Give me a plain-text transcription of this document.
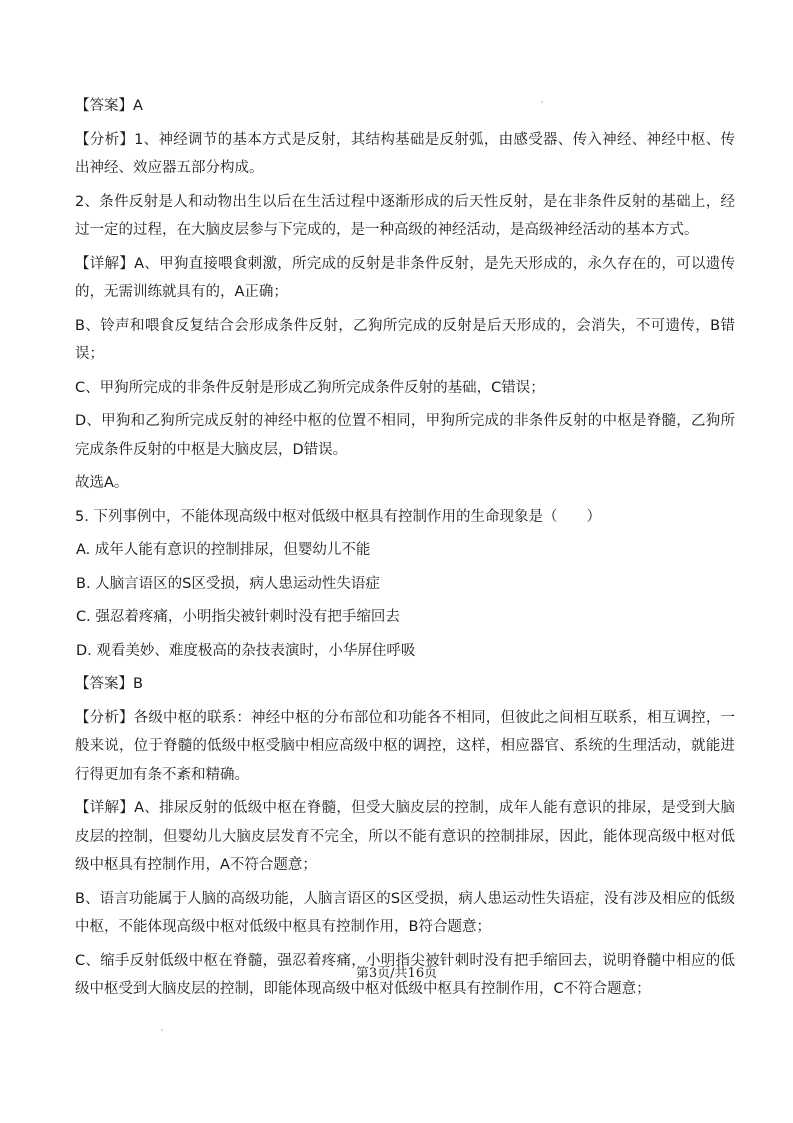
【答案】A

【分析】1、神经调节的基本方式是反射，其结构基础是反射弧，由感受器、传入神经、神经中枢、传出神经、效应器五部分构成。

2、条件反射是人和动物出生以后在生活过程中逐渐形成的后天性反射，是在非条件反射的基础上，经过一定的过程，在大脑皮层参与下完成的，是一种高级的神经活动，是高级神经活动的基本方式。

【详解】A、甲狗直接喂食刺激，所完成的反射是非条件反射，是先天形成的，永久存在的，可以遗传的，无需训练就具有的，A正确；

B、铃声和喂食反复结合会形成条件反射，乙狗所完成的反射是后天形成的，会消失，不可遗传，B错误；

C、甲狗所完成的非条件反射是形成乙狗所完成条件反射的基础，C错误；

D、甲狗和乙狗所完成反射的神经中枢的位置不相同，甲狗所完成的非条件反射的中枢是脊髓，乙狗所完成条件反射的中枢是大脑皮层，D错误。

故选A。

5. 下列事例中，不能体现高级中枢对低级中枢具有控制作用的生命现象是（　　）

A. 成年人能有意识的控制排尿，但婴幼儿不能

B. 人脑言语区的S区受损，病人患运动性失语症

C. 强忍着疼痛，小明指尖被针刺时没有把手缩回去

D. 观看美妙、难度极高的杂技表演时，小华屏住呼吸

【答案】B

【分析】各级中枢的联系：神经中枢的分布部位和功能各不相同，但彼此之间相互联系，相互调控，一般来说，位于脊髓的低级中枢受脑中相应高级中枢的调控，这样，相应器官、系统的生理活动，就能进行得更加有条不紊和精确。

【详解】A、排尿反射的低级中枢在脊髓，但受大脑皮层的控制，成年人能有意识的排尿，是受到大脑皮层的控制，但婴幼儿大脑皮层发育不完全，所以不能有意识的控制排尿，因此，能体现高级中枢对低级中枢具有控制作用，A不符合题意；

B、语言功能属于人脑的高级功能，人脑言语区的S区受损，病人患运动性失语症，没有涉及相应的低级中枢，不能体现高级中枢对低级中枢具有控制作用，B符合题意；

C、缩手反射低级中枢在脊髓，强忍着疼痛，小明指尖被针刺时没有把手缩回去，说明脊髓中相应的低级中枢受到大脑皮层的控制，即能体现高级中枢对低级中枢具有控制作用，C不符合题意；

第3页/共16页
